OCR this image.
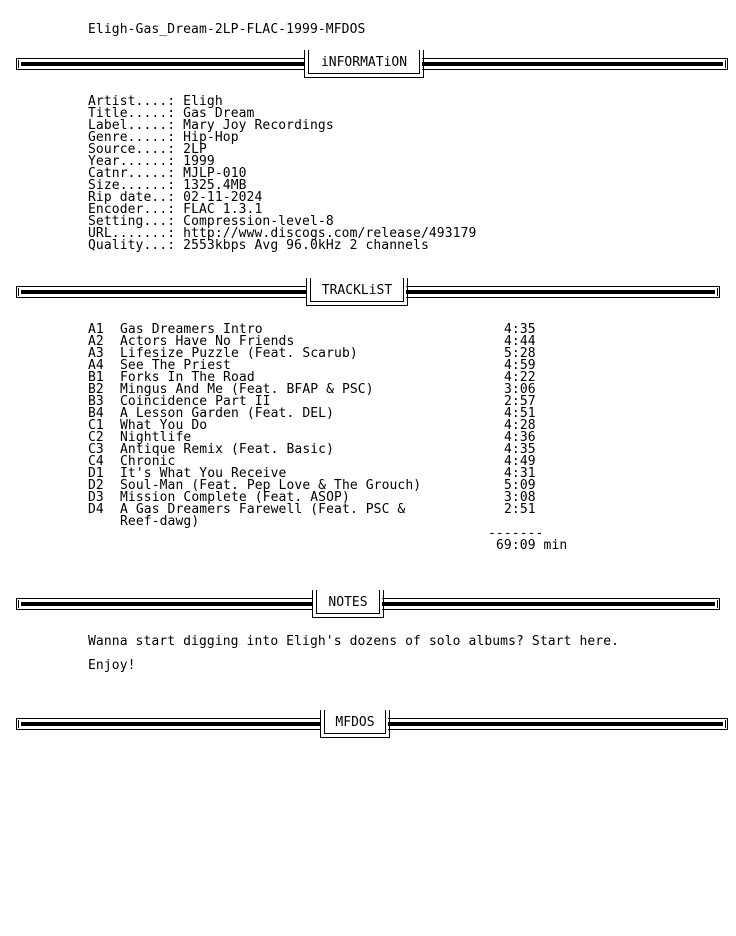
Eligh-Gas_Dream-2LP-FLAC-1999-MFDOS
iNFORMATiON
Artist....: Eligh
Title.....: Gas Dream
Label.....: Mary Joy Recordings
Genre.....: Hip-Hop
Source....: 2LP
Year......: 1999
Catnr.....: MJLP-010
Size......: 1325.4MB
Rip date..: 02-11-2024
Encoder...: FLAC 1.3.1
Setting...: Compression-level-8
URL.......: http://www.discogs.com/release/493179
Quality...: 2553kbps Avg 96.0kHz 2 channels
TRACKLiST
A1 Gas Dreamers Intro	4:35
A2 Actors Have No Friends	4:44
A3 Lifesize Puzzle (Feat. Scarub)	5:28
A4 See The Priest	4:59
B1 Forks In The Road	4:22
B2 Mingus And Me (Feat. BFAP & PSC)	3:06
B3 Coincidence Part II	2:57
B4 A Lesson Garden (Feat. DEL)	4:51
C1 What You Do	4:28
C2 Nightlife	4:36
C3 Antique Remix (Feat. Basic)	4:35
C4 Chronic	4:49
D1 It's What You Receive	4:31
D2 Soul-Man (Feat. Pep Love & The Grouch)	5:09
D3 Mission Complete (Feat. ASOP)	3:08
D4 A Gas Dreamers Farewell (Feat. PSC &	2:51
Reef-dawg)
-------
69:09 min
NOTES
Wanna start digging into Eligh's dozens of solo albums? Start here.
Enjoy!
MFDOS
